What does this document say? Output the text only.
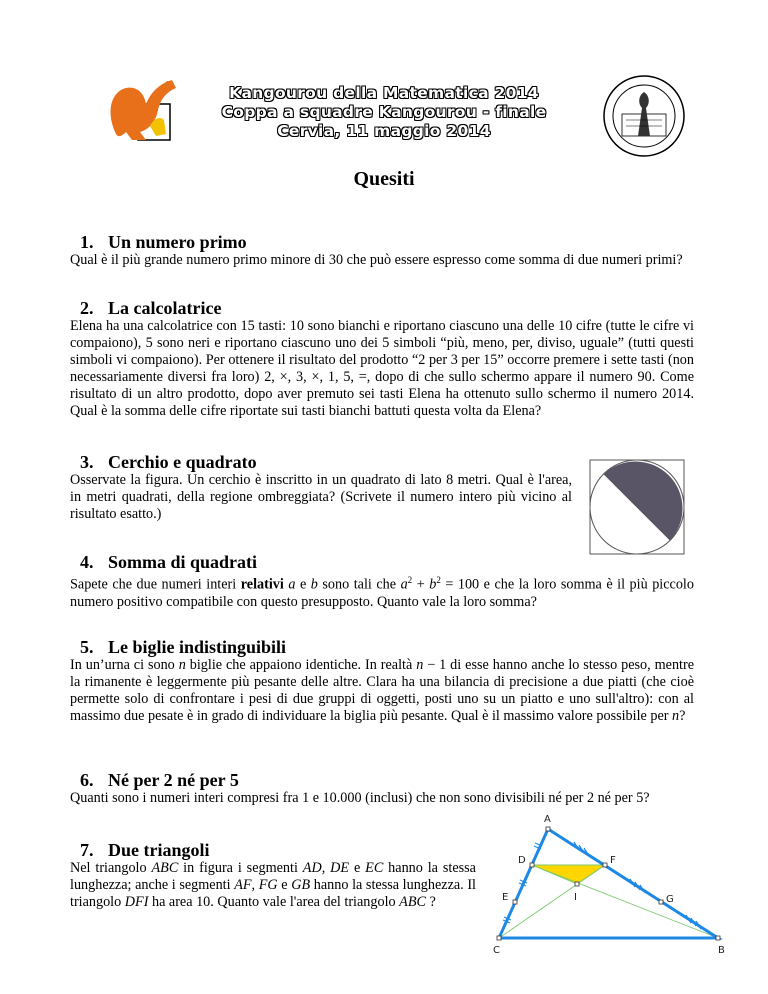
Kangourou della Matematica 2014
Coppa a squadre Kangourou - finale
Cervia, 11 maggio 2014
Quesiti
1. Un numero primo
Qual è il più grande numero primo minore di 30 che può essere espresso come somma di due numeri primi?
2. La calcolatrice
Elena ha una calcolatrice con 15 tasti: 10 sono bianchi e riportano ciascuno una delle 10 cifre (tutte le cifre vi compaiono), 5 sono neri e riportano ciascuno uno dei 5 simboli “più, meno, per, diviso, uguale” (tutti questi simboli vi compaiono). Per ottenere il risultato del prodotto “2 per 3 per 15” occorre premere i sette tasti (non necessariamente diversi fra loro) 2, ×, 3, ×, 1, 5, =, dopo di che sullo schermo appare il numero 90. Come risultato di un altro prodotto, dopo aver premuto sei tasti Elena ha ottenuto sullo schermo il numero 2014. Qual è la somma delle cifre riportate sui tasti bianchi battuti questa volta da Elena?
3. Cerchio e quadrato
Osservate la figura. Un cerchio è inscritto in un quadrato di lato 8 metri. Qual è l'area, in metri quadrati, della regione ombreggiata? (Scrivete il numero intero più vicino al risultato esatto.)
4. Somma di quadrati
Sapete che due numeri interi relativi a e b sono tali che $a^2 + b^2 = 100$ e che la loro somma è il più piccolo numero positivo compatibile con questo presupposto. Quanto vale la loro somma?
5. Le biglie indistinguibili
In un’urna ci sono n biglie che appaiono identiche. In realtà n − 1 di esse hanno anche lo stesso peso, mentre la rimanente è leggermente più pesante delle altre. Clara ha una bilancia di precisione a due piatti (che cioè permette solo di confrontare i pesi di due gruppi di oggetti, posti uno su un piatto e uno sull'altro): con al massimo due pesate è in grado di individuare la biglia più pesante. Qual è il massimo valore possibile per n?
6. Né per 2 né per 5
Quanti sono i numeri interi compresi fra 1 e 10.000 (inclusi) che non sono divisibili né per 2 né per 5?
7. Due triangoli
Nel triangolo ABC in figura i segmenti AD, DE e EC hanno la stessa lunghezza; anche i segmenti AF, FG e GB hanno la stessa lunghezza. Il triangolo DFI ha area 10. Quanto vale l'area del triangolo ABC ?
A
B
C
D
E
F
G
I
